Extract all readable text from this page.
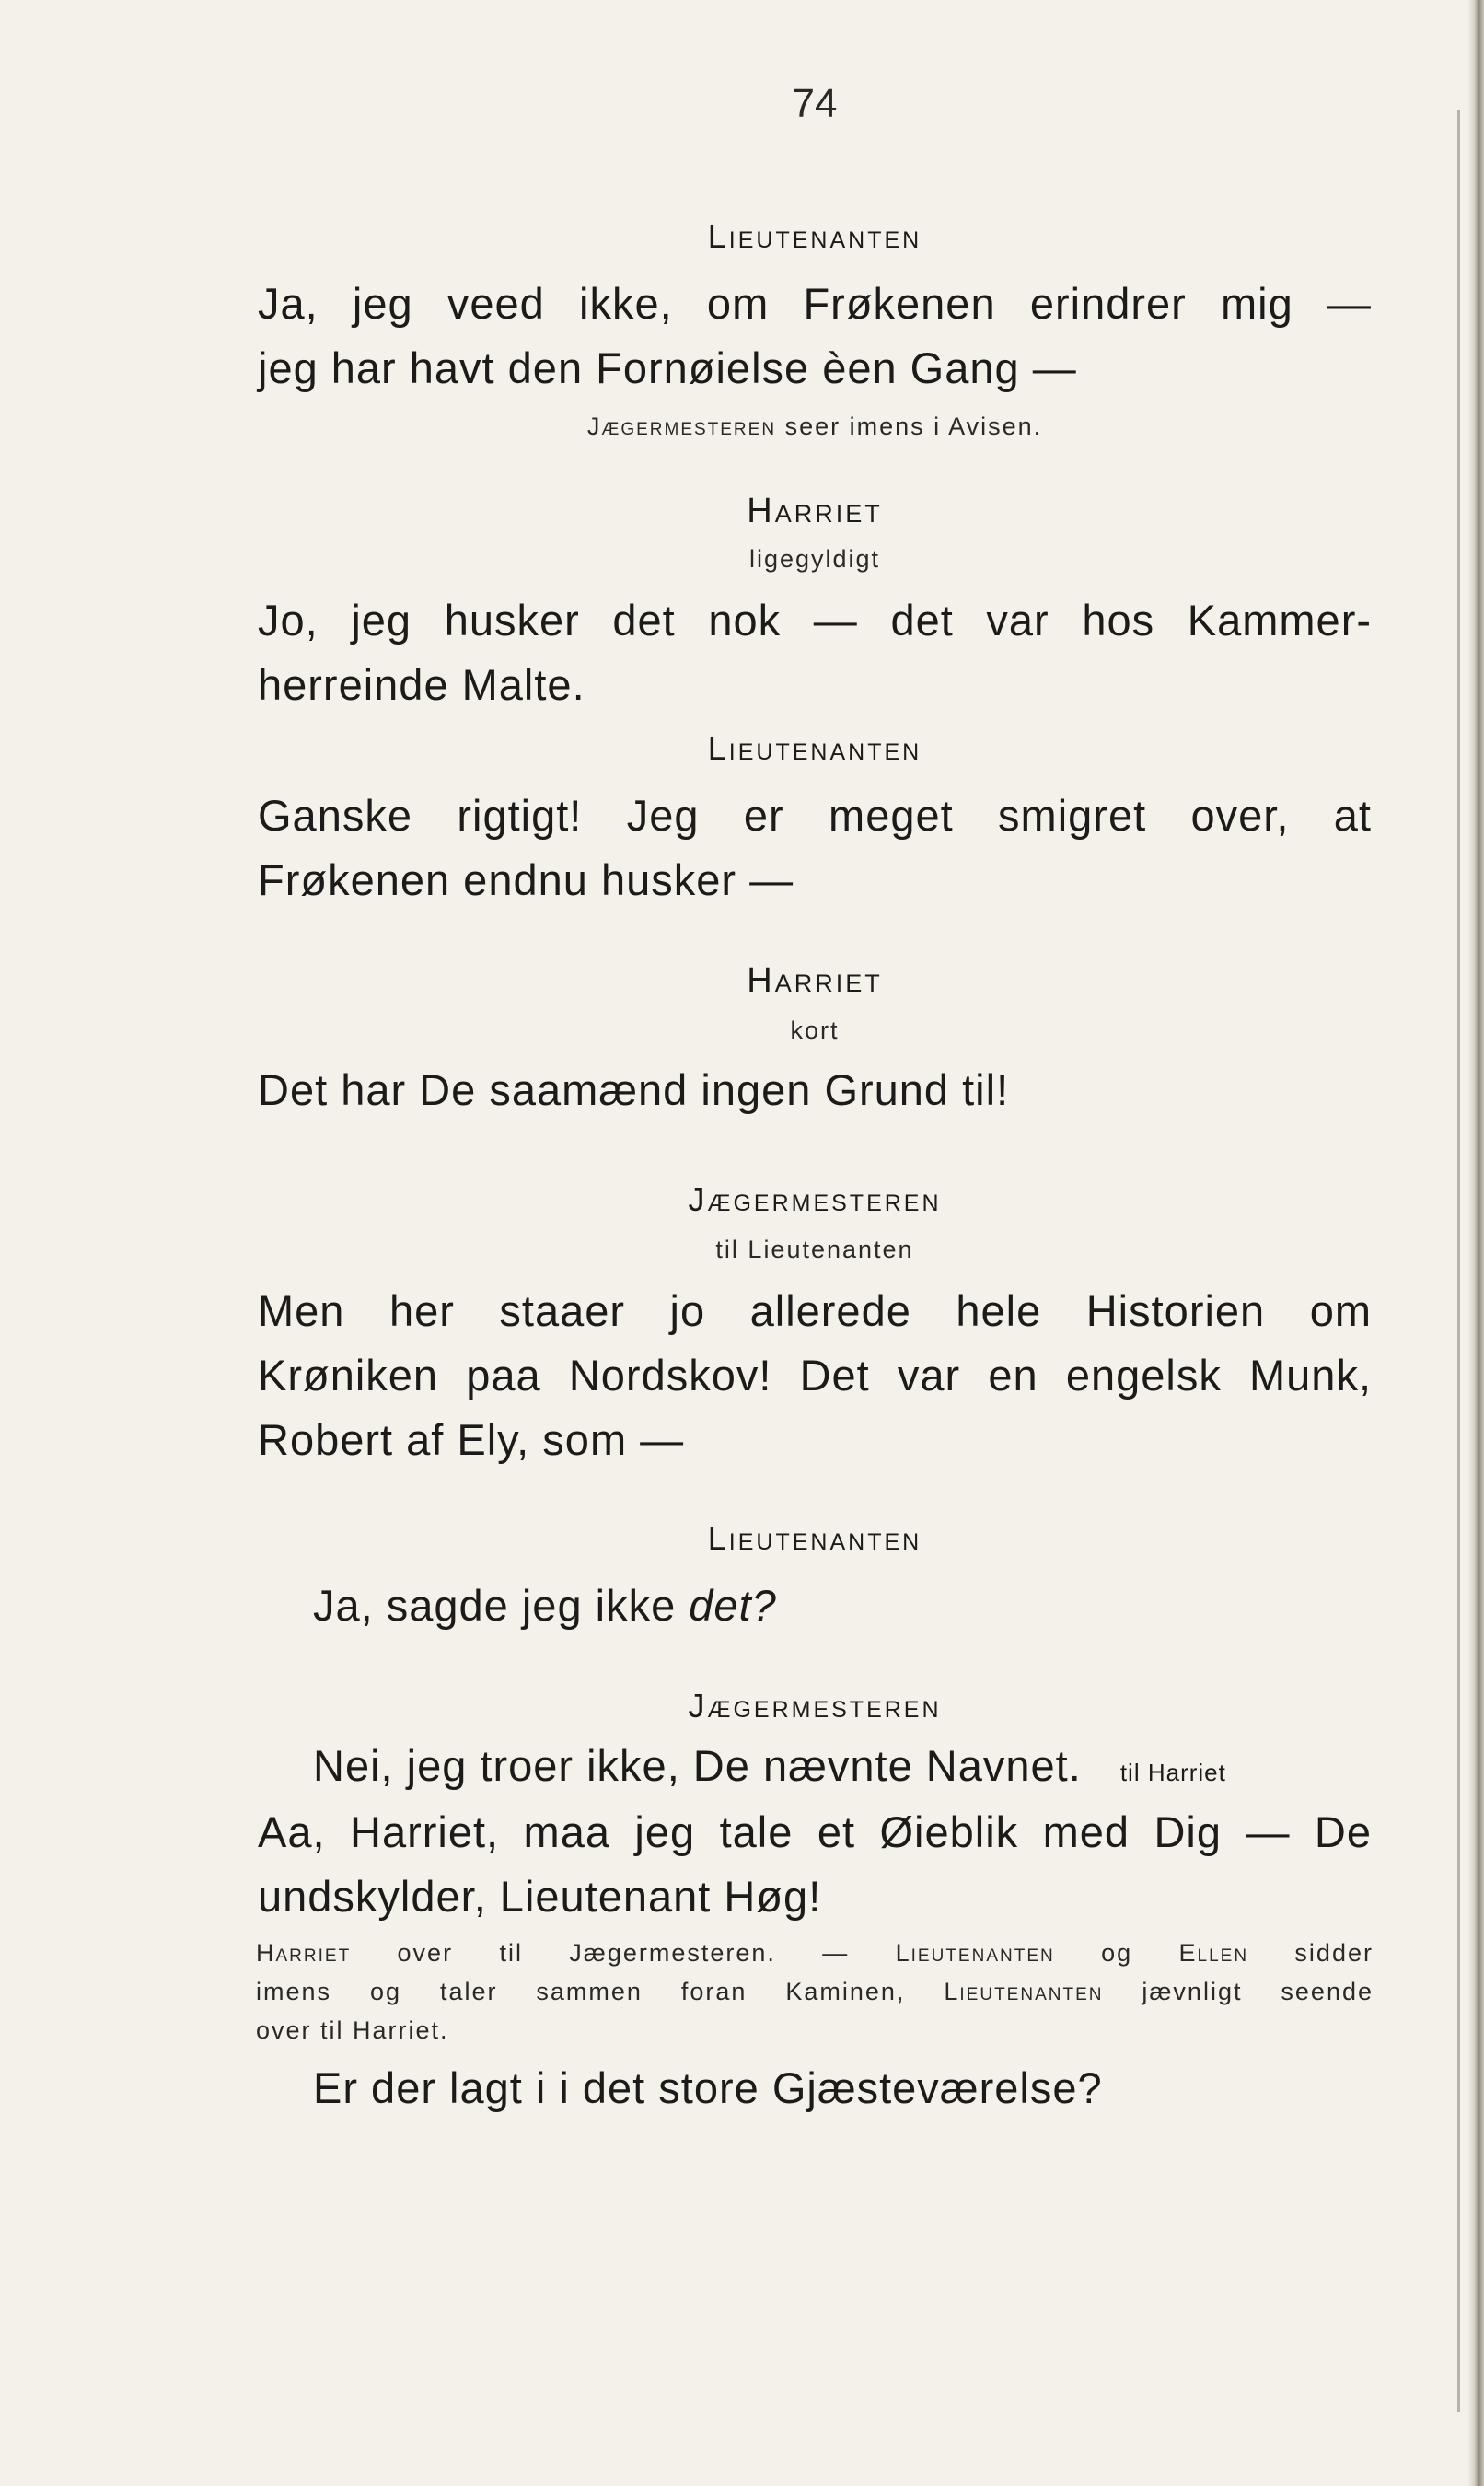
74
Lieutenanten
Ja, jeg veed ikke, om Frøkenen erindrer mig —
jeg har havt den Fornøielse èen Gang —
Jægermesteren seer imens i Avisen.
Harriet
ligegyldigt
Jo, jeg husker det nok — det var hos Kammer-
herreinde Malte.
Lieutenanten
Ganske rigtigt! Jeg er meget smigret over, at
Frøkenen endnu husker —
Harriet
kort
Det har De saamænd ingen Grund til!
Jægermesteren
til Lieutenanten
Men her staaer jo allerede hele Historien om
Krøniken paa Nordskov! Det var en engelsk Munk,
Robert af Ely, som —
Lieutenanten
Ja, sagde jeg ikke det?
Jægermesteren
Nei, jeg troer ikke, De nævnte Navnet. til Harriet
Aa, Harriet, maa jeg tale et Øieblik med Dig — De
undskylder, Lieutenant Høg!
Harriet over til Jægermesteren. — Lieutenanten og Ellen sidder
imens og taler sammen foran Kaminen, Lieutenanten jævnligt seende
over til Harriet.
Er der lagt i i det store Gjæsteværelse?
